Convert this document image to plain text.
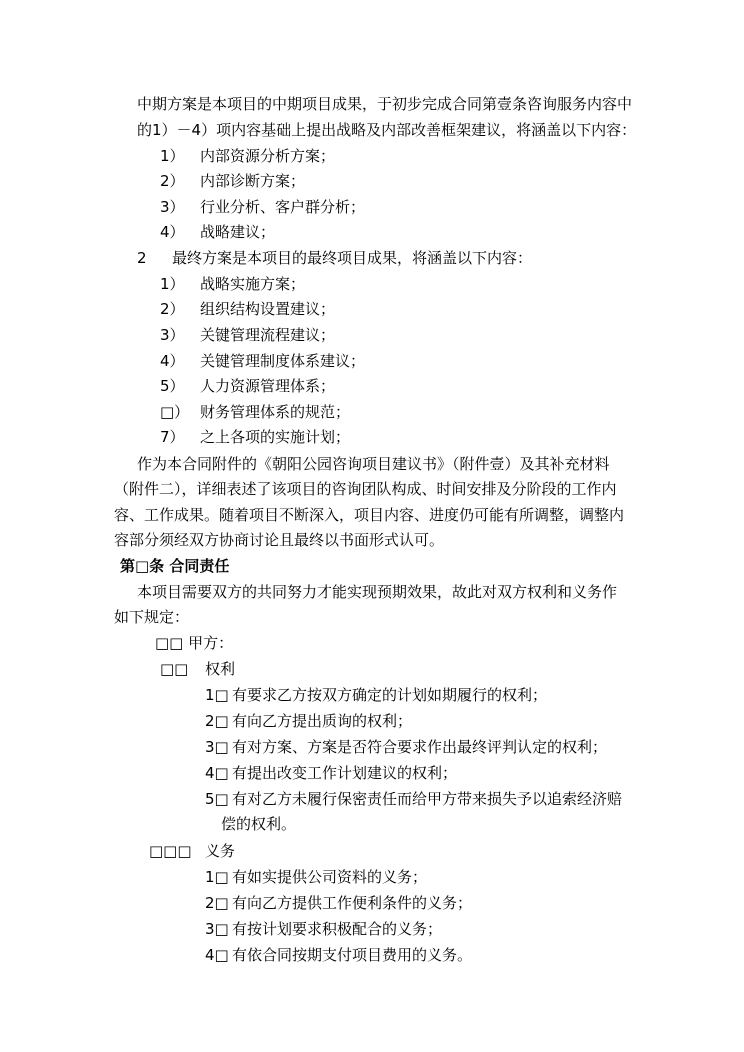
中期方案是本项目的中期项目成果，于初步完成合同第壹条咨询服务内容中
的1）－4）项内容基础上提出战略及内部改善框架建议，将涵盖以下内容：
1） 内部资源分析方案；
2） 内部诊断方案；
3） 行业分析、客户群分析；
4） 战略建议；
2 最终方案是本项目的最终项目成果，将涵盖以下内容：
1） 战略实施方案；
2） 组织结构设置建议；
3） 关键管理流程建议；
4） 关键管理制度体系建议；
5） 人力资源管理体系；
□） 财务管理体系的规范；
7） 之上各项的实施计划；
作为本合同附件的《朝阳公园咨询项目建议书》（附件壹）及其补充材料
（附件二），详细表述了该项目的咨询团队构成、时间安排及分阶段的工作内
容、工作成果。随着项目不断深入，项目内容、进度仍可能有所调整，调整内
容部分须经双方协商讨论且最终以书面形式认可。
第□条 合同责任
本项目需要双方的共同努力才能实现预期效果，故此对双方权利和义务作
如下规定：
□□ 甲方：
□□ 权利
1□ 有要求乙方按双方确定的计划如期履行的权利；
2□ 有向乙方提出质询的权利；
3□ 有对方案、方案是否符合要求作出最终评判认定的权利；
4□ 有提出改变工作计划建议的权利；
5□ 有对乙方未履行保密责任而给甲方带来损失予以追索经济赔
偿的权利。
□□□ 义务
1□ 有如实提供公司资料的义务；
2□ 有向乙方提供工作便利条件的义务；
3□ 有按计划要求积极配合的义务；
4□ 有依合同按期支付项目费用的义务。
